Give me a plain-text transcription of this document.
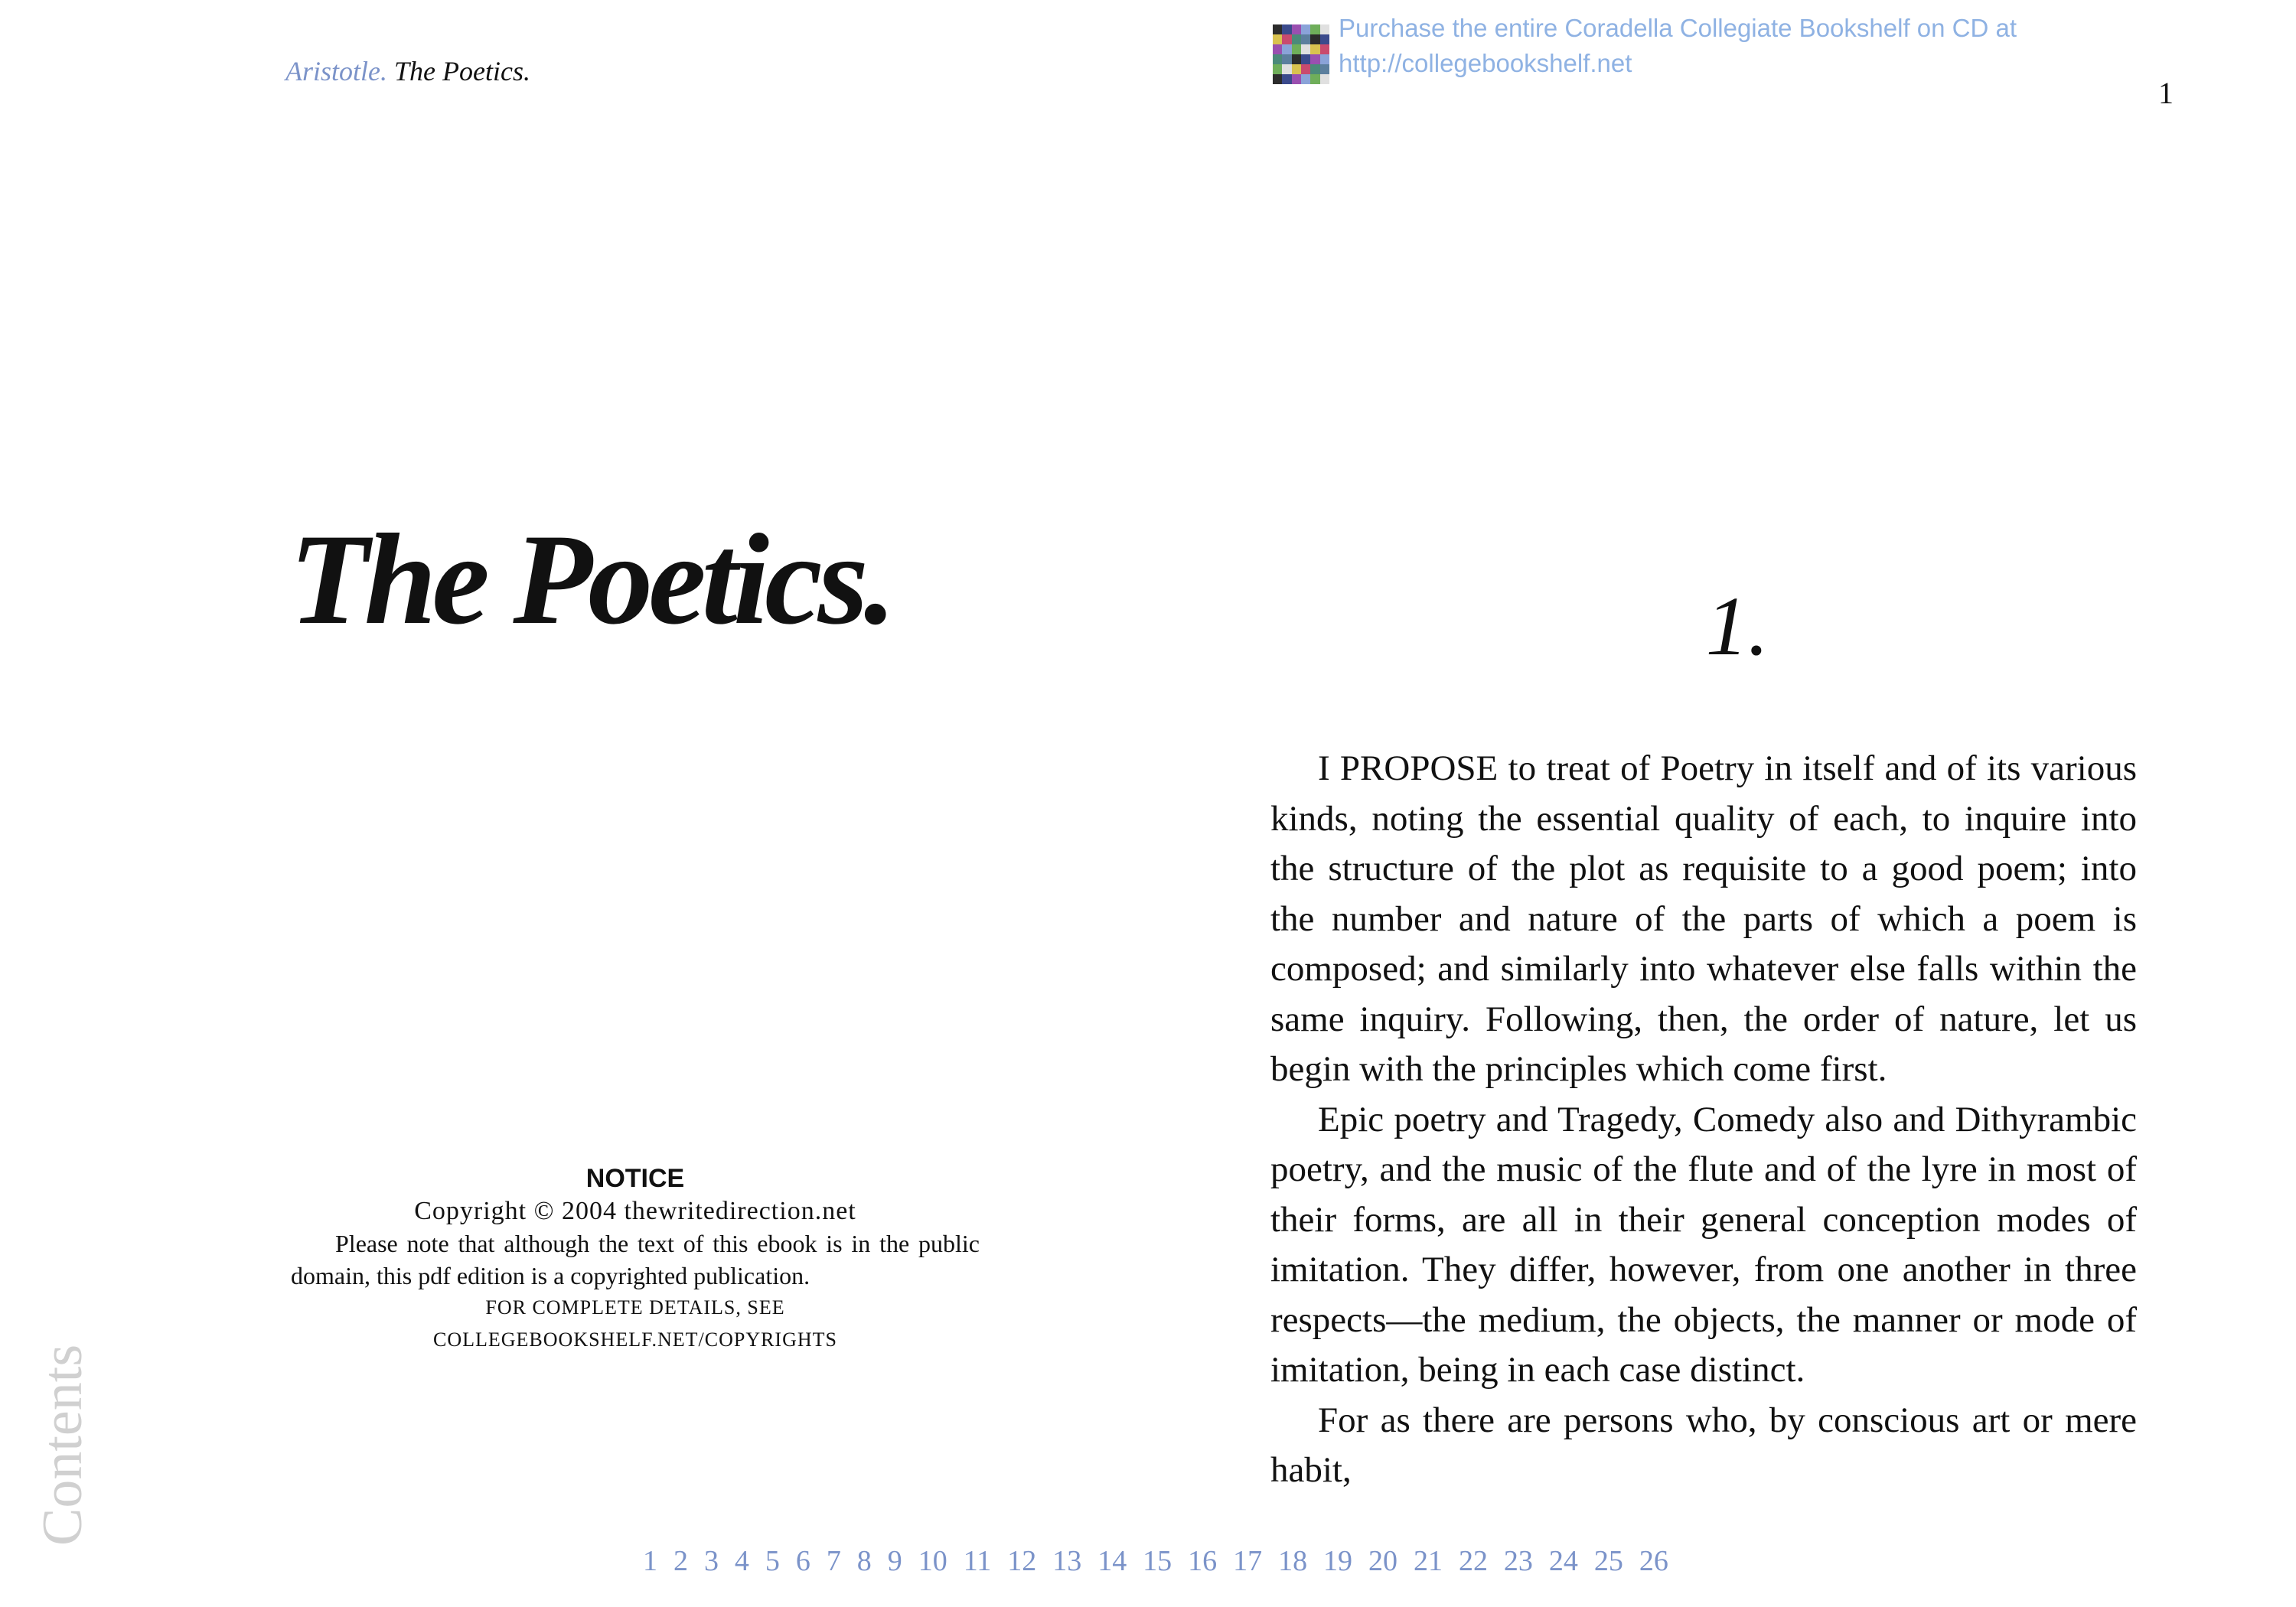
Aristotle. The Poetics.
Purchase the entire Coradella Collegiate Bookshelf on CD at
http://collegebookshelf.net
1
The Poetics.	1.

I PROPOSE to treat of Poetry in itself and of its various kinds, noting the essential quality of each, to inquire into the structure of the plot as requisite to a good poem; into the number and nature of the parts of which a poem is composed; and similarly into whatever else falls within the same inquiry. Following, then, the order of nature, let us begin with the principles which come first.

Epic poetry and Tragedy, Comedy also and Dithyrambic poetry, and the music of the flute and of the lyre in most of their forms, are all in their general conception modes of imitation. They differ, however, from one another in three respects—the medium, the objects, the manner or mode of imitation, being in each case distinct.

For as there are persons who, by conscious art or mere habit,

NOTICE
Copyright © 2004 thewritedirection.net
Please note that although the text of this ebook is in the public domain, this pdf edition is a copyrighted publication.
FOR COMPLETE DETAILS, SEE
COLLEGEBOOKSHELF.NET/COPYRIGHTS
Contents
1 2 3 4 5 6 7 8 9 10 11 12 13 14 15 16 17 18 19 20 21 22 23 24 25 26
